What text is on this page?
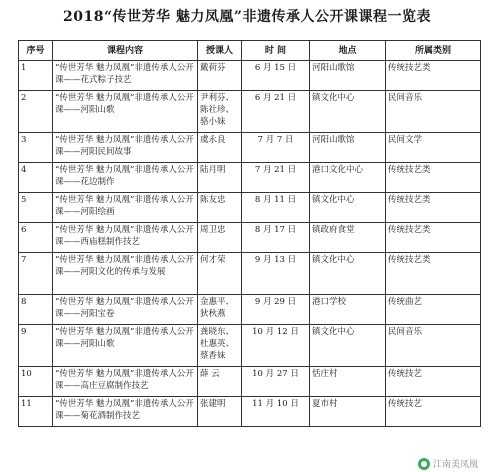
2018“传世芳华 魅力凤凰”非遗传承人公开课课程一览表
序号	课程内容	授课人	时 间	地点	所属类别
1	“传世芳华 魅力凤凰”非遗传承人公开课——花式粽子技艺	戴荷芬	6 月 15 日	河阳山歌馆	传统技艺类
2	“传世芳华 魅力凤凰”非遗传承人公开课——河阳山歌	尹利芬、陈社珍、骆小妹	6 月 21 日	镇文化中心	民间音乐
3	“传世芳华 魅力凤凰”非遗传承人公开课——河阳民间故事	虞永良	7 月 7 日	河阳山歌馆	民间文学
4	“传世芳华 魅力凤凰”非遗传承人公开课——花边制作	陆月明	7 月 21 日	港口文化中心	传统技艺类
5	“传世芳华 魅力凤凰”非遗传承人公开课——河阳绘画	陈友忠	8 月 11 日	镇文化中心	传统技艺类
6	“传世芳华 魅力凤凰”非遗传承人公开课——西庙糕制作技艺	周卫忠	8 月 17 日	镇政府食堂	传统技艺类
7	“传世芳华 魅力凤凰”非遗传承人公开课——河阳文化的传承与发展	何才荣	9 月 13 日	镇文化中心	传统技艺类
8	“传世芳华 魅力凤凰”非遗传承人公开课——河阳宝卷	金惠平、狄秋燕	9 月 29 日	港口学校	传统曲艺
9	“传世芳华 魅力凤凰”非遗传承人公开课——河阳山歌	龚晓东、杜惠英、蔡香妹	10 月 12 日	镇文化中心	民间音乐
10	“传世芳华 魅力凤凰”非遗传承人公开课——高庄豆腐制作技艺	薛 云	10 月 27 日	恬庄村	传统技艺
11	“传世芳华 魅力凤凰”非遗传承人公开课——菊花酒制作技艺	张建明	11 月 10 日	夏市村	传统技艺
江南美凤凰
